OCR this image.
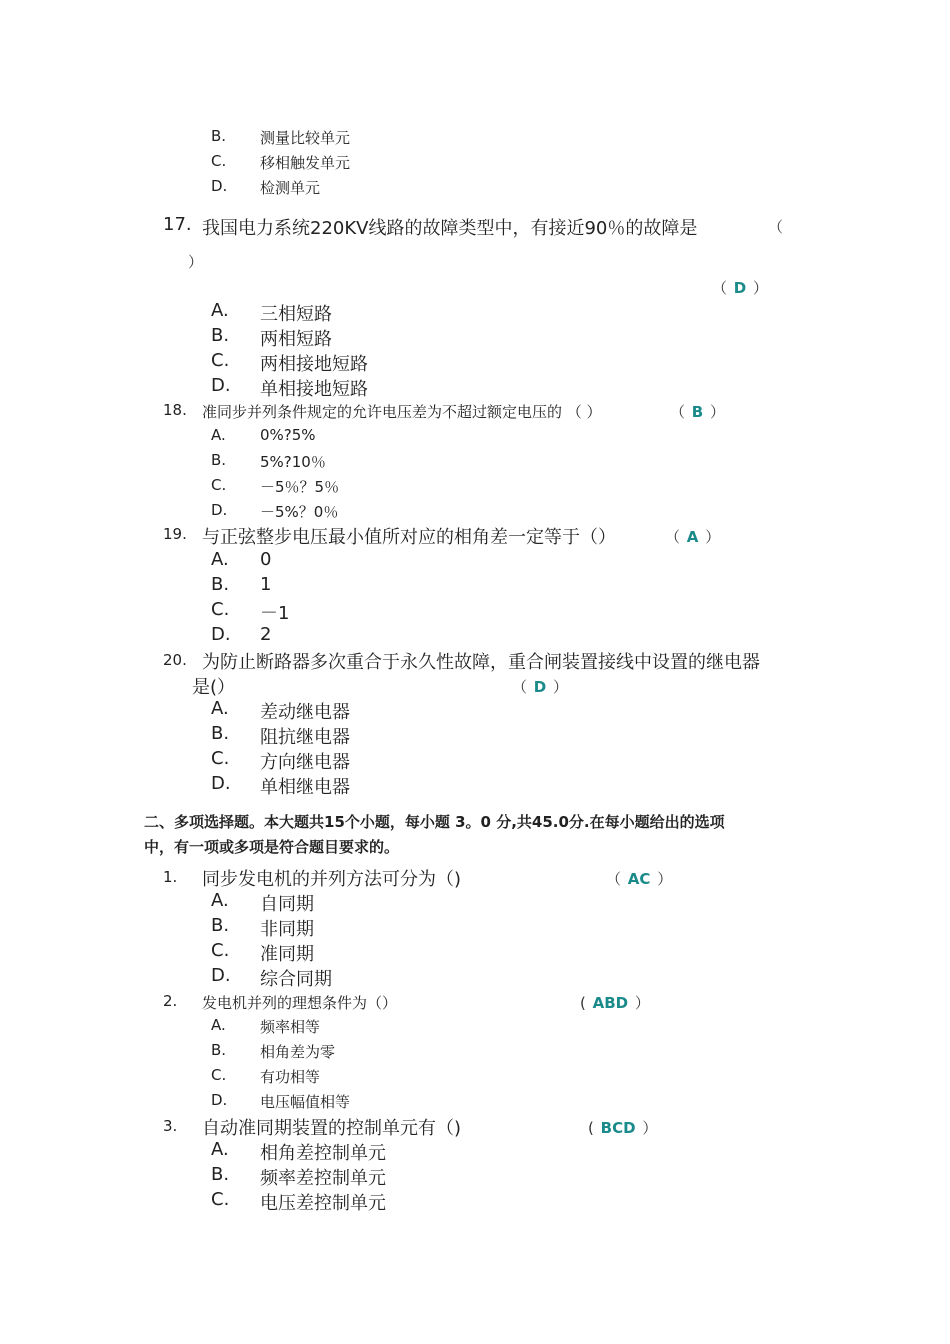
B. 测量比较单元
C. 移相触发单元
D. 检测单元
17. 我国电力系统220KV线路的故障类型中，有接近90％的故障是	（
）
（ D ）
A. 三相短路
B. 两相短路
C. 两相接地短路
D. 单相接地短路
18. 准同步并列条件规定的允许电压差为不超过额定电压的 （ ）	（ B ）
A. 0%?5%
B. 5%?10％
C. －5％？5％
D. －5%？0％
19. 与正弦整步电压最小值所对应的相角差一定等于（）	（ A ）
A. 0
B. 1
C. －1
D. 2
20. 为防止断路器多次重合于永久性故障，重合闸装置接线中设置的继电器
是(）	（ D ）
A. 差动继电器
B. 阻抗继电器
C. 方向继电器
D. 单相继电器
二、多项选择题。本大题共15个小题，每小题 3。0 分,共45.0分.在每小题给出的选项
中，有一项或多项是符合题目要求的。
1. 同步发电机的并列方法可分为（)	（ AC ）
A. 自同期
B. 非同期
C. 准同期
D. 综合同期
2. 发电机并列的理想条件为（）	( ABD ）
A. 频率相等
B. 相角差为零
C. 有功相等
D. 电压幅值相等
3. 自动准同期装置的控制单元有（)	( BCD ）
A. 相角差控制单元
B. 频率差控制单元
C. 电压差控制单元
